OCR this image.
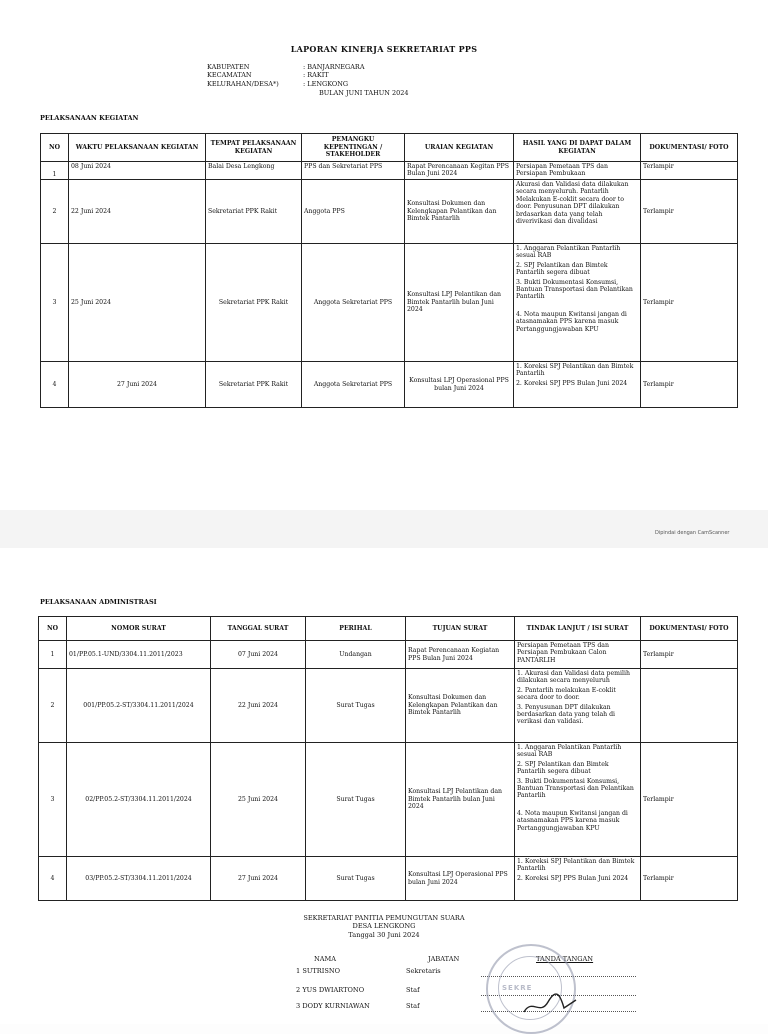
LAPORAN KINERJA SEKRETARIAT PPS
KABUPATEN	: BANJARNEGARA
KECAMATAN	: RAKIT
KELURAHAN/DESA*)	: LENGKONG
BULAN JUNI TAHUN 2024
PELAKSANAAN KEGIATAN
NO	WAKTU PELAKSANAAN KEGIATAN	TEMPAT PELAKSANAAN KEGIATAN	PEMANGKU KEPENTINGAN / STAKEHOLDER	URAIAN KEGIATAN	HASIL YANG DI DAPAT DALAM KEGIATAN	DOKUMENTASI/ FOTO
1	08 Juni 2024	Balai Desa Lengkong	PPS dan Sekretariat PPS	Rapat Perencanaan Kegitan PPS Bulan Juni 2024	Persiapan Pemetaan TPS dan Persiapan Pembukaan	Terlampir
2	22 Juni 2024	Sekretariat PPK Rakit	Anggota PPS	Konsultasi Dokumen dan Kelengkapan Pelantikan dan Bimtek Pantarlih	Akurasi dan Validasi data dilakukan secara menyeluruh. Pantarlih Melakukan E-coklit secara door to door. Penyusunan DPT dilakukan brdasarkan data yang telah diverivikasi dan divalidasi	Terlampir
3	25 Juni 2024	Sekretariat PPK Rakit	Anggota Sekretariat PPS	Konsultasi LPJ Pelantikan dan Bimtek Pantarlih bulan Juni 2024	1. Anggaran Pelantikan Pantarlih sesuai RAB
2. SPJ Pelantikan dan Bimtek Pantarlih segera dibuat
3. Bukti Dokumentasi Konsumsi, Bantuan Transportasi dan Pelantikan Pantarlih
4. Nota maupun Kwitansi jangan di atasnamakan PPS karena masuk Pertanggungjawaban KPU	Terlampir
4	27 Juni 2024	Sekretariat PPK Rakit	Anggota Sekretariat PPS	Konsultasi LPJ Operasional PPS bulan Juni 2024	1. Koreksi SPJ Pelantikan dan Bimtek Pantarlih
2. Koreksi SPJ PPS Bulan Juni 2024	Terlampir
Dipindai dengan CamScanner
PELAKSANAAN ADMINISTRASI
NO	NOMOR SURAT	TANGGAL SURAT	PERIHAL	TUJUAN SURAT	TINDAK LANJUT / ISI SURAT	DOKUMENTASI/ FOTO
1	01/PP.05.1-UND/3304.11.2011/2023	07 Juni 2024	Undangan	Rapat Perencanaan Kegiatan PPS Bulan Juni 2024	Persiapan Pemetaan TPS dan Persiapan Pembukaan Calon PANTARLIH	Terlampir
2	001/PP.05.2-ST/3304.11.2011/2024	22 Juni 2024	Surat Tugas	Konsultasi Dokumen dan Kelengkapan Pelantikan dan Bimtek Pantarlih	1. Akurasi dan Validasi data pemilih dilakukan secara menyeluruh
2. Pantarlih melakukan E-coklit secara door to door.
3. Penyusunan DPT dilakukan berdasarkan data yang telah di verikasi dan validasi.	

3	02/PP.05.2-ST/3304.11.2011/2024	25 Juni 2024	Surat Tugas	Konsultasi LPJ Pelantikan dan Bimtek Pantarlih bulan Juni 2024	1. Anggaran Pelantikan Pantarlih sesuai RAB
2. SPJ Pelantikan dan Bimtek Pantarlih segera dibuat
3. Bukti Dokumentasi Konsumsi, Bantuan Transportasi dan Pelantikan Pantarlih
4. Nota maupun Kwitansi jangan di atasnamakan PPS karena masuk Pertanggungjawaban KPU	Terlampir
4	03/PP.05.2-ST/3304.11.2011/2024	27 Juni 2024	Surat Tugas	Konsultasi LPJ Operasional PPS bulan Juni 2024	1. Koreksi SPJ Pelantikan dan Bimtek Pantarlih
2. Koreksi SPJ PPS Bulan Juni 2024	Terlampir
SEKRETARIAT PANITIA PEMUNGUTAN SUARA
DESA LENGKONG
Tanggal 30 Juni 2024
NAMA	JABATAN	TANDA TANGAN
1 SUTRISNO	Sekretaris
2 YUS DWIARTONO	Staf
3 DODY KURNIAWAN	Staf
SEKRE
